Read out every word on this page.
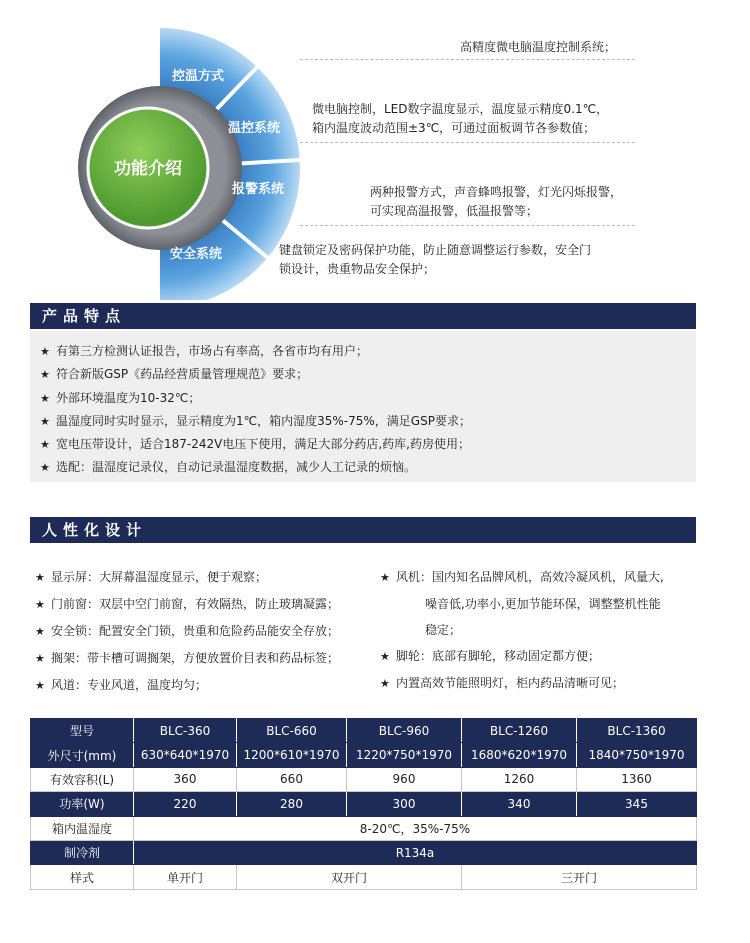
功能介绍
控温方式
温控系统
报警系统
安全系统
高精度微电脑温度控制系统；
微电脑控制，LED数字温度显示，温度显示精度0.1℃，
箱内温度波动范围±3℃，可通过面板调节各参数值；
两种报警方式，声音蜂鸣报警，灯光闪烁报警，
可实现高温报警，低温报警等；
键盘锁定及密码保护功能，防止随意调整运行参数，安全门
锁设计，贵重物品安全保护；
产品特点
★ 有第三方检测认证报告，市场占有率高，各省市均有用户；
★ 符合新版GSP《药品经营质量管理规范》要求；
★ 外部环境温度为10-32℃；
★ 温湿度同时实时显示，显示精度为1℃，箱内湿度35%-75%，满足GSP要求；
★ 宽电压带设计，适合187-242V电压下使用，满足大部分药店,药库,药房使用；
★ 选配：温湿度记录仪，自动记录温湿度数据，减少人工记录的烦恼。
人性化设计
★ 显示屏：大屏幕温湿度显示，便于观察；
★ 门前窗：双层中空门前窗，有效隔热，防止玻璃凝露；
★ 安全锁：配置安全门锁，贵重和危险药品能安全存放；
★ 搁架：带卡槽可调搁架，方便放置价目表和药品标签；
★ 风道：专业风道，温度均匀；
★ 风机：国内知名品牌风机，高效冷凝风机，风量大,
噪音低,功率小,更加节能环保，调整整机性能
稳定；
★ 脚轮：底部有脚轮，移动固定都方便；
★ 内置高效节能照明灯，柜内药品清晰可见；
型号	BLC-360	BLC-660	BLC-960	BLC-1260	BLC-1360
外尺寸(mm)	630*640*1970	1200*610*1970	1220*750*1970	1680*620*1970	1840*750*1970
有效容积(L)	360	660	960	1260	1360
功率(W)	220	280	300	340	345
箱内温湿度	8-20℃，35%-75%				
制冷剂	R134a				
样式	单开门	双开门		三开门	
